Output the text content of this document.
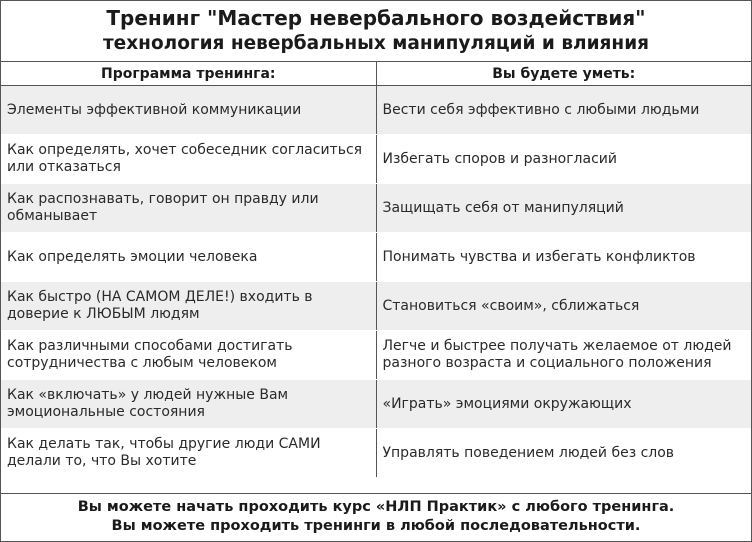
Тренинг "Мастер невербального воздействия"
технология невербальных манипуляций и влияния
Программа тренинга:	Вы будете уметь:
Элементы эффективной коммуникации	Вести себя эффективно с любыми людьми
Как определять, хочет собеседник согласиться или отказаться	Избегать споров и разногласий
Как распознавать, говорит он правду или обманывает	Защищать себя от манипуляций
Как определять эмоции человека	Понимать чувства и избегать конфликтов
Как быстро (НА САМОМ ДЕЛЕ!) входить в доверие к ЛЮБЫМ людям	Становиться «своим», сближаться
Как различными способами достигать сотрудничества с любым человеком	Легче и быстрее получать желаемое от людей разного возраста и социального положения
Как «включать» у людей нужные Вам эмоциональные состояния	«Играть» эмоциями окружающих
Как делать так, чтобы другие люди САМИ делали то, что Вы хотите	Управлять поведением людей без слов
Вы можете начать проходить курс «НЛП Практик» с любого тренинга.
Вы можете проходить тренинги в любой последовательности.
